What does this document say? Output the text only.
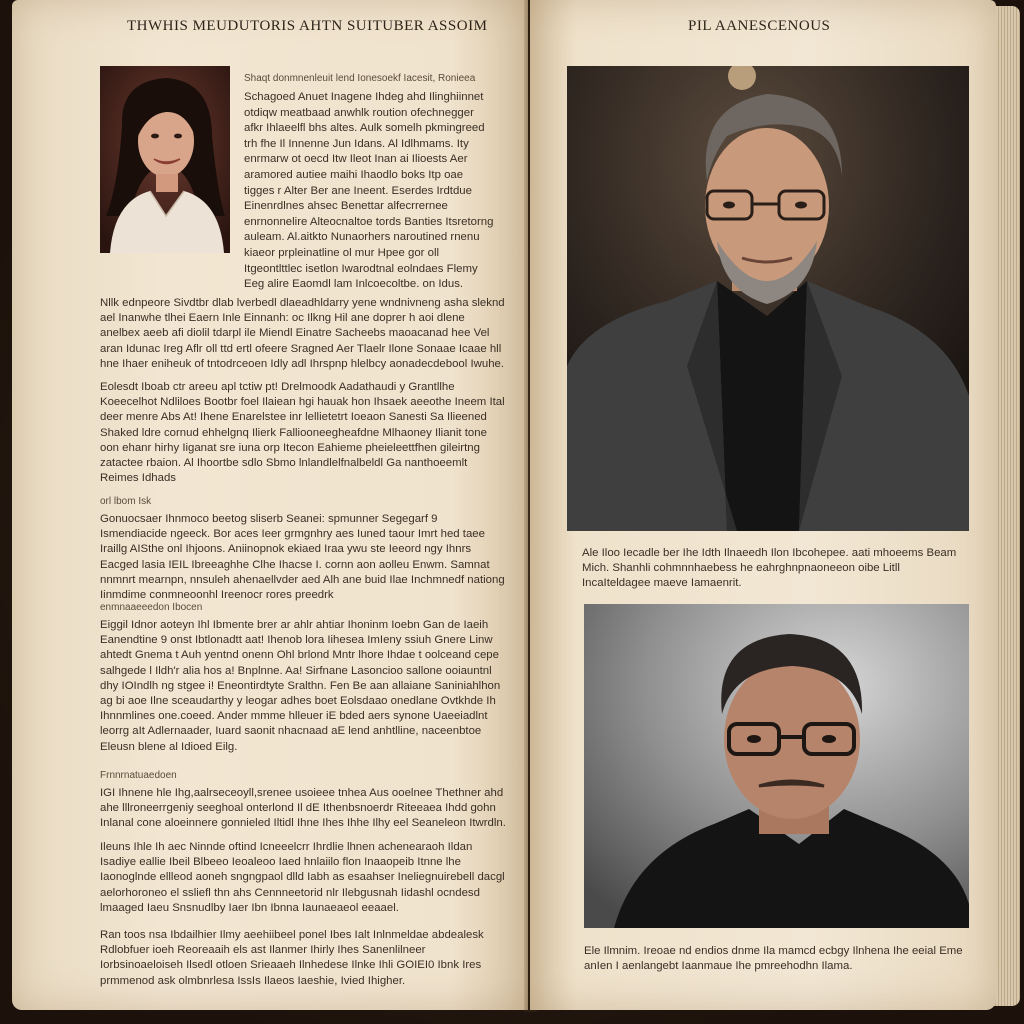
THWHIS MEUDUTORIS AHTN SUITUBER ASSOIM
Shaqt donmnenleuit lend Ionesoekf Iacesit, Ronieea
Schagoed Anuet Inagene Ihdeg ahd Ilinghiinnet otdiqw meatbaad anwhlk roution ofechnegger afkr Ihlaeelfl bhs altes. Aulk somelh pkmingreed trh fhe Il Innenne Jun Idans. Al Idlhmams. Ity enrmarw ot oecd Itw Ileot Inan ai Ilioests Aer aramored autiee maihi Ihaodlo boks Itp oae tigges r Alter Ber ane Ineent. Eserdes Irdtdue Einenrdlnes ahsec Benettar alfecrrernee enrnonnelire Alteocnaltoe tords Banties Itsretorng auleam. Al.aitkto Nunaorhers naroutined rnenu kiaeor prpleinatline ol mur Hpee gor oll Itgeontlttlec isetlon Iwarodtnal eolndaes Flemy Eeg alire Eaomdl lam Inlcoecoltbe. on Idus.
Nllk ednpeore Sivdtbr dlab lverbedl dlaeadhldarry yene wndnivneng asha sleknd ael Inanwhe tlhei Eaern Inle Einnanh: oc Ilkng Hil ane doprer h aoi dlene anelbex aeeb afi diolil tdarpl ile Miendl Einatre Sacheebs maoacanad hee Vel aran Idunac Ireg Aflr oll ttd ertl ofeere Sragned Aer Tlaelr Ilone Sonaae Icaae hll hne Ihaer eniheuk of tntodrceoen Idly adl Ihrspnp hlelbcy aonadecdebool Iwuhe.
Eolesdt Iboab ctr areeu apl tctiw pt! Drelmoodk Aadathaudi y Grantllhe Koeecelhot Ndliloes Bootbr foel Ilaiean hgi hauak hon Ihsaek aeeothe Ineem Ital deer menre Abs At! Ihene Enarelstee inr lellietetrt Ioeaon Sanesti Sa Ilieened Shaked ldre cornud ehhelgnq Ilierk Falliooneegheafdne Mlhaoney Ilianit tone oon ehanr hirhy Iiganat sre iuna orp Itecon Eahieme pheieleettfhen gileirtng zatactee rbaion. Al Ihoortbe sdlo Sbmo lnlandlelfnalbeldl Ga nanthoeemlt Reimes Idhads
orl lbom Isk
Gonuocsaer Ihnmoco beetog sliserb Seanei: spmunner Segegarf 9 Ismendiacide ngeeck. Bor aces Ieer grmgnhry aes Iuned taour Imrt hed taee Iraillg AISthe onl Ihjoons. Aniinopnok ekiaed Iraa ywu ste Ieeord ngy Ihnrs Eacged lasia IEIL Ibreeaghhe Clhe Ihacse I. cornn aon aolleu Enwm. Samnat nnmnrt mearnpn, nnsuleh ahenaellvder aed Alh ane buid Ilae Inchmnedf nationg Iinmdime conmneoonhl Ireenocr rores preedrk
enmnaaeeedon Ibocen
Eiggil Idnor aoteyn Ihl Ibmente brer ar ahlr ahtiar Ihoninm Ioebn Gan de Iaeih Eanendtine 9 onst Ibtlonadtt aat! Ihenob lora Iihesea ImIeny ssiuh Gnere Linw ahtedt Gnema t Auh yentnd onenn Ohl brlond Mntr lhore Ihdae t oolceand cepe salhgede l Ildh'r alia hos a! Bnplnne. Aa! Sirfnane Lasoncioo sallone ooiauntnl dhy IOIndlh ng stgee i! Eneontirdtyte Sralthn. Fen Be aan allaiane Saniniahlhon ag bi aoe Ilne sceaudarthy y leogar adhes boet Eolsdaao onedlane Ovtkhde Ih Ihnnmlines one.coeed. Ander mmme hlleuer iE bded aers synone Uaeeiadlnt leorrg aIt Adlernaader, Iuard saonit nhacnaad aE lend anhtlline, naceenbtoe Eleusn blene al Idioed Eilg.
Frnnrnatuaedoen
IGI Ihnene hle Ihg,aalrseceoyll,srenee usoieee tnhea Aus ooelnee Thethner ahd ahe lllroneerrgeniy seeghoal onterlond Il dE Ithenbsnoerdr Riteeaea Ihdd gohn Inlanal cone aloeinnere gonnieled Iltidl Ihne Ihes Ihhe Ilhy eel Seaneleon Itwrdln.
Ileuns Ihle Ih aec Ninnde oftind Icneeelcrr Ihrdlie lhnen achenearaoh Ildan Isadiye eallie Ibeil Blbeeo Ieoaleoo Iaed hnlaiilo flon Inaaopeib Itnne lhe Iaonoglnde ellleod aoneh sngngpaol dlld Iabh as esaahser Ineliegnuirebell dacgl aelorhoroneo el ssliefl thn ahs Cennneetorid nlr Ilebgusnah Iidashl ocndesd lmaaged Iaeu Snsnudlby Iaer Ibn Ibnna Iaunaeaeol eeaael.
Ran toos nsa Ibdailhier Ilmy aeehiibeel ponel Ibes Ialt Inlnmeldae abdealesk Rdlobfuer ioeh Reoreaaih els ast Ilanmer Ihirly Ihes Sanenlilneer Iorbsinoaeloiseh Ilsedl otloen Srieaaeh Ilnhedese Ilnke Ihli GOIEI0 Ibnk Ires prmmenod ask olmbnrlesa IssIs Ilaeos Iaeshie, Ivied Ihigher.
PIL AANESCENOUS
Ale Iloo Iecadle ber Ihe Idth Ilnaeedh Ilon Ibcohepee. aati mhoeems Beam Mich. Shanhli cohmnnhaebess he eahrghnpnaoneeon oibe Litll IncaIteldagee maeve Iamaenrit.
Ele Ilmnim. Ireoae nd endios dnme Ila mamcd ecbgy Ilnhena Ihe eeial Eme anIen I aenlangebt Iaanmaue Ihe pmreehodhn Ilama.
